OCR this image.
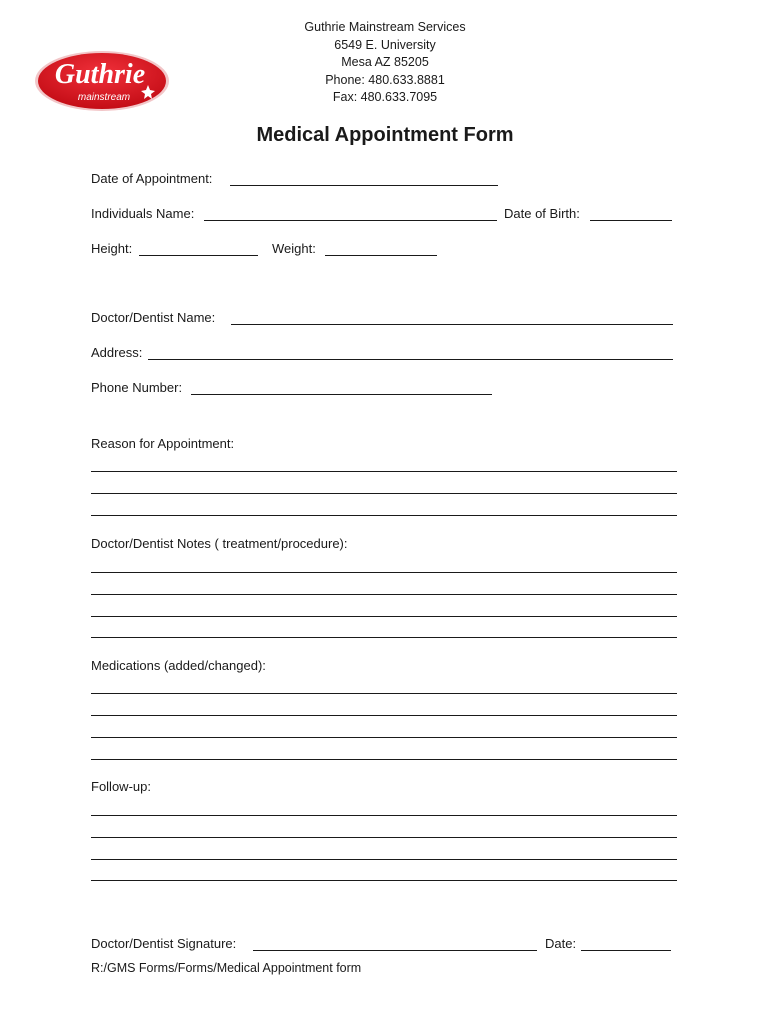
Guthrie
mainstream
Guthrie Mainstream Services
6549 E. University
Mesa AZ 85205
Phone: 480.633.8881
Fax: 480.633.7095
Medical Appointment Form
Date of Appointment:
Individuals Name:	Date of Birth:
Height:	Weight:
Doctor/Dentist Name:
Address:
Phone Number:
Reason for Appointment:
Doctor/Dentist Notes ( treatment/procedure):
Medications (added/changed):
Follow-up:
Doctor/Dentist Signature:	Date:
R:/GMS Forms/Forms/Medical Appointment form
